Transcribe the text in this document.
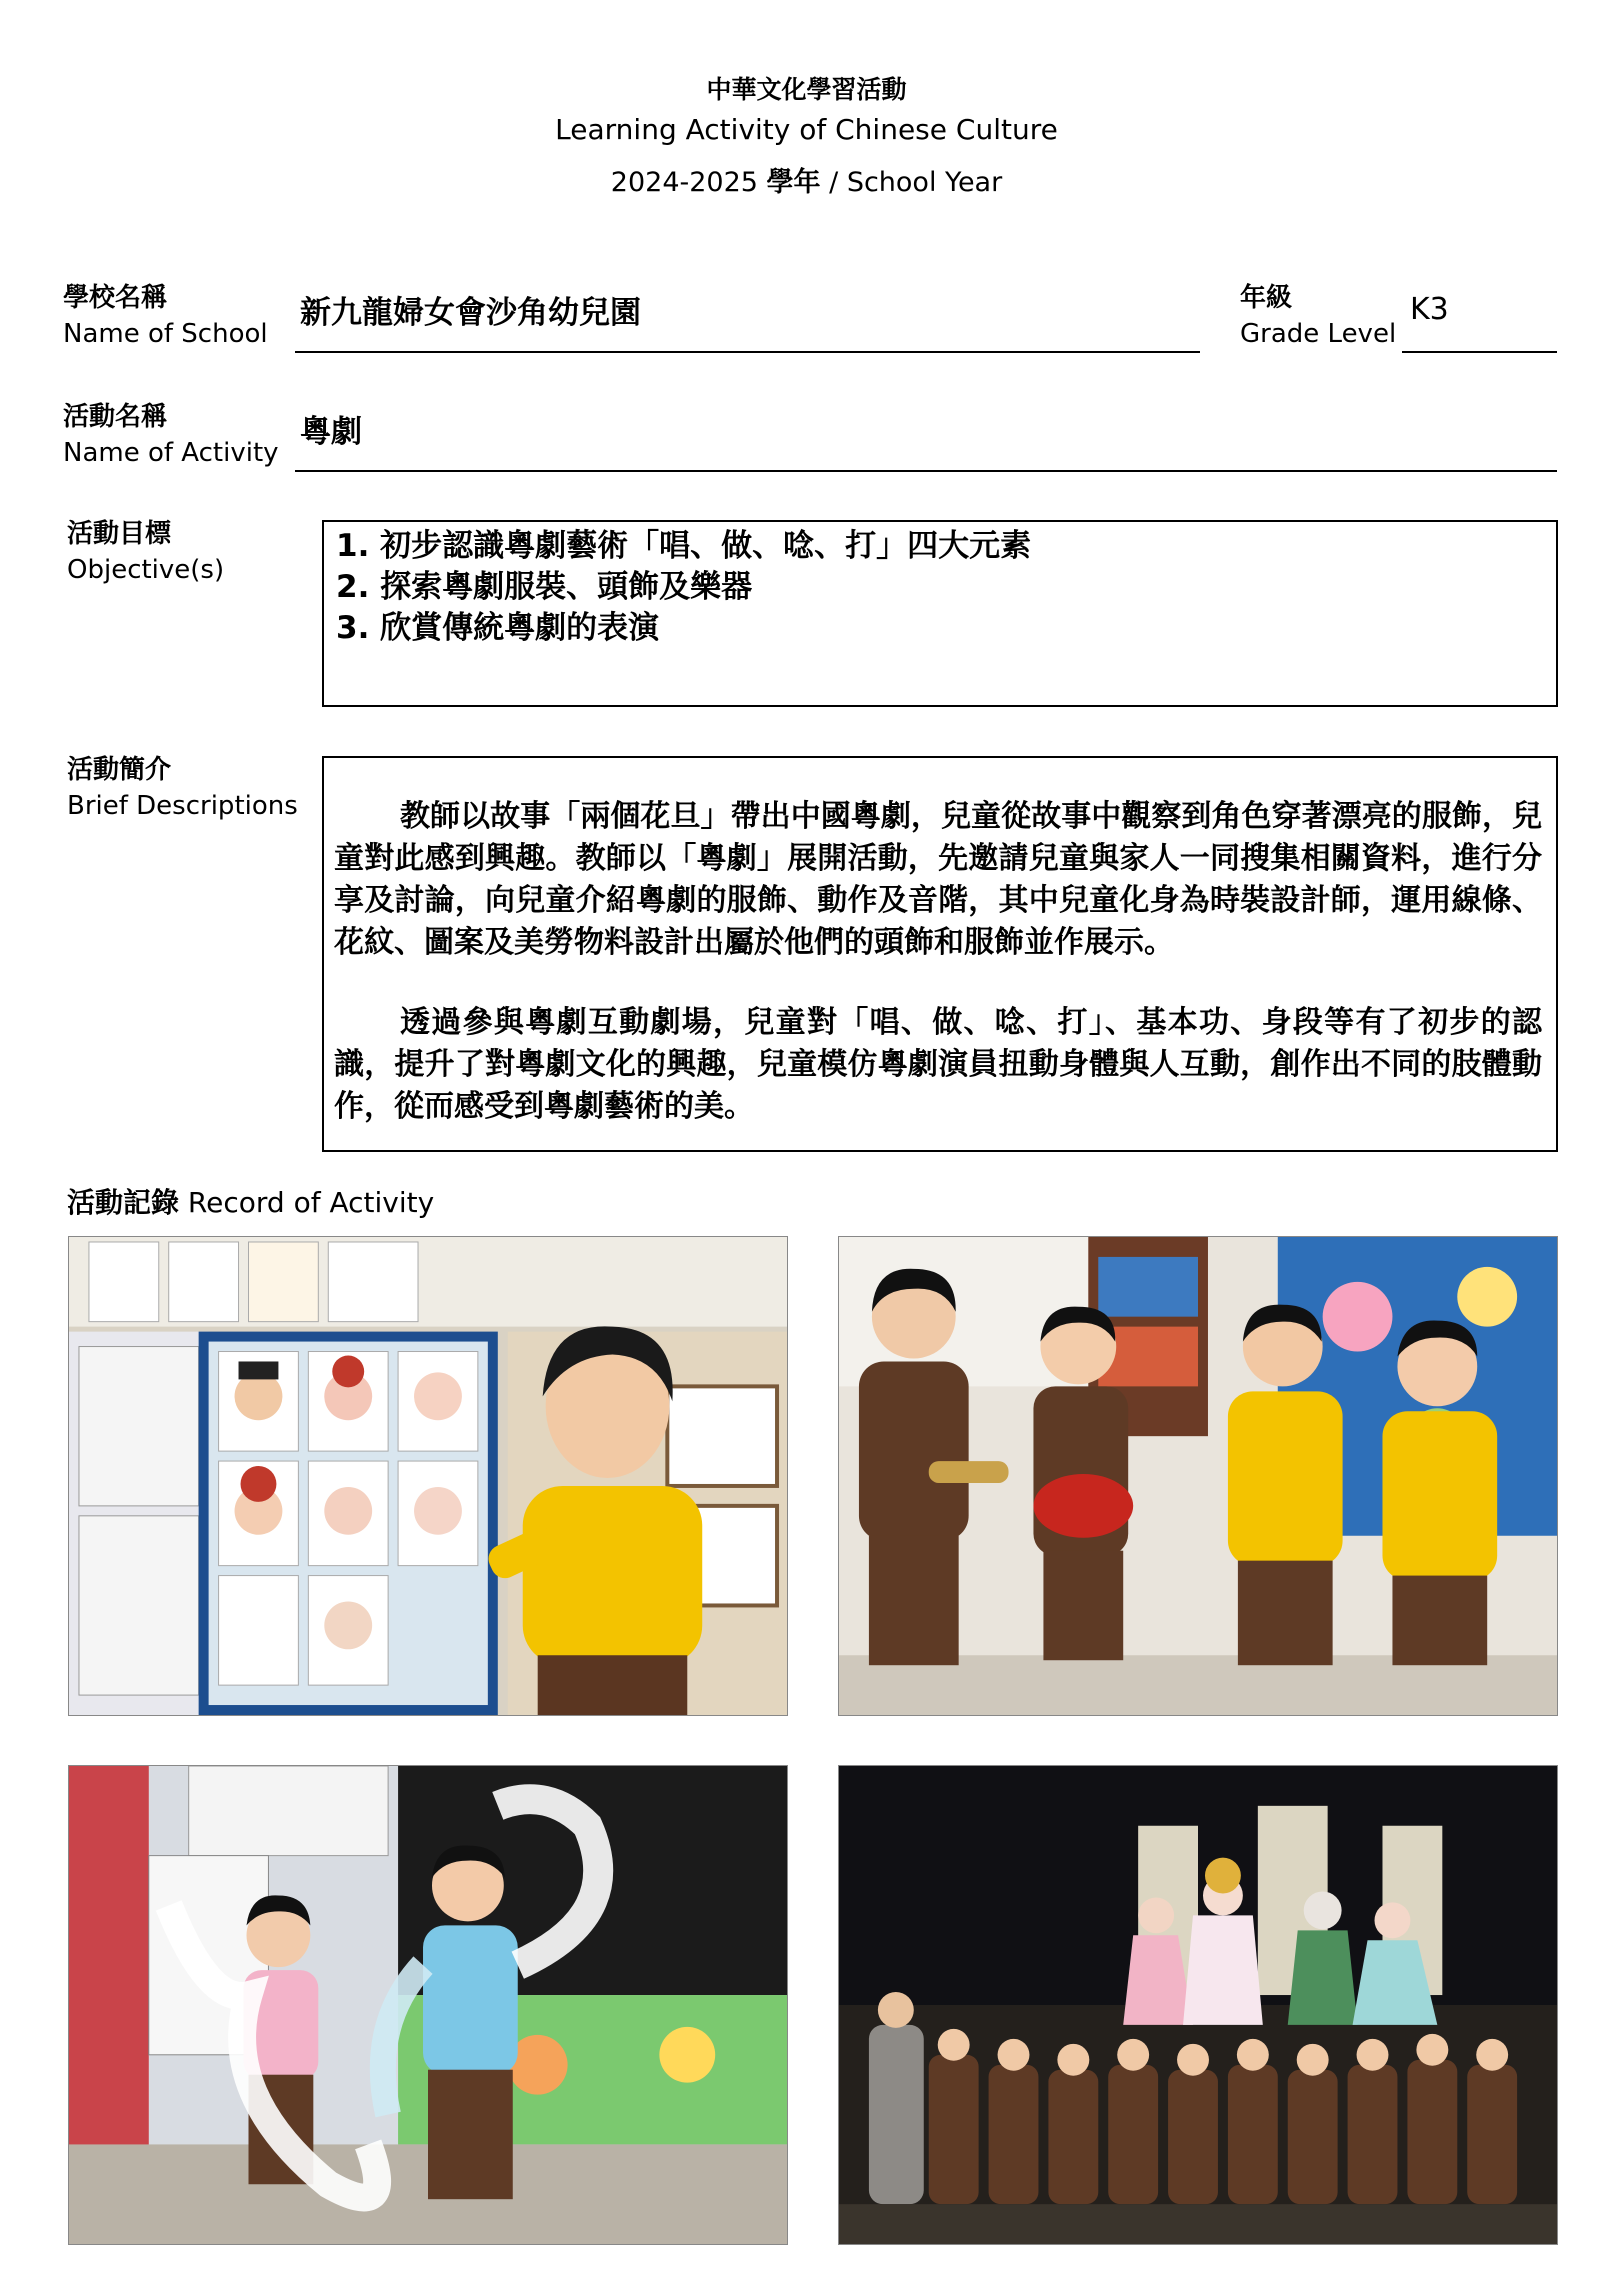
中華文化學習活動
Learning Activity of Chinese Culture
2024-2025 學年 / School Year
學校名稱
Name of School
新九龍婦女會沙角幼兒園	年級
Grade Level
K3
活動名稱
Name of Activity
粵劇
活動目標
Objective(s)
1. 初步認識粵劇藝術「唱、做、唸、打」四大元素
2. 探索粵劇服裝、頭飾及樂器
3. 欣賞傳統粵劇的表演
活動簡介
Brief Descriptions	教師以故事「兩個花旦」帶出中國粵劇，兒童從故事中觀察到角色穿著漂亮的服飾，兒童對此感到興趣。教師以「粵劇」展開活動，先邀請兒童與家人一同搜集相關資料，進行分享及討論，向兒童介紹粵劇的服飾、動作及音階，其中兒童化身為時裝設計師，運用線條、花紋、圖案及美勞物料設計出屬於他們的頭飾和服飾並作展示。

透過參與粵劇互動劇場，兒童對「唱、做、唸、打」、基本功、身段等有了初步的認識，提升了對粵劇文化的興趣，兒童模仿粵劇演員扭動身體與人互動，創作出不同的肢體動作，從而感受到粵劇藝術的美。

活動記錄 Record of Activity
